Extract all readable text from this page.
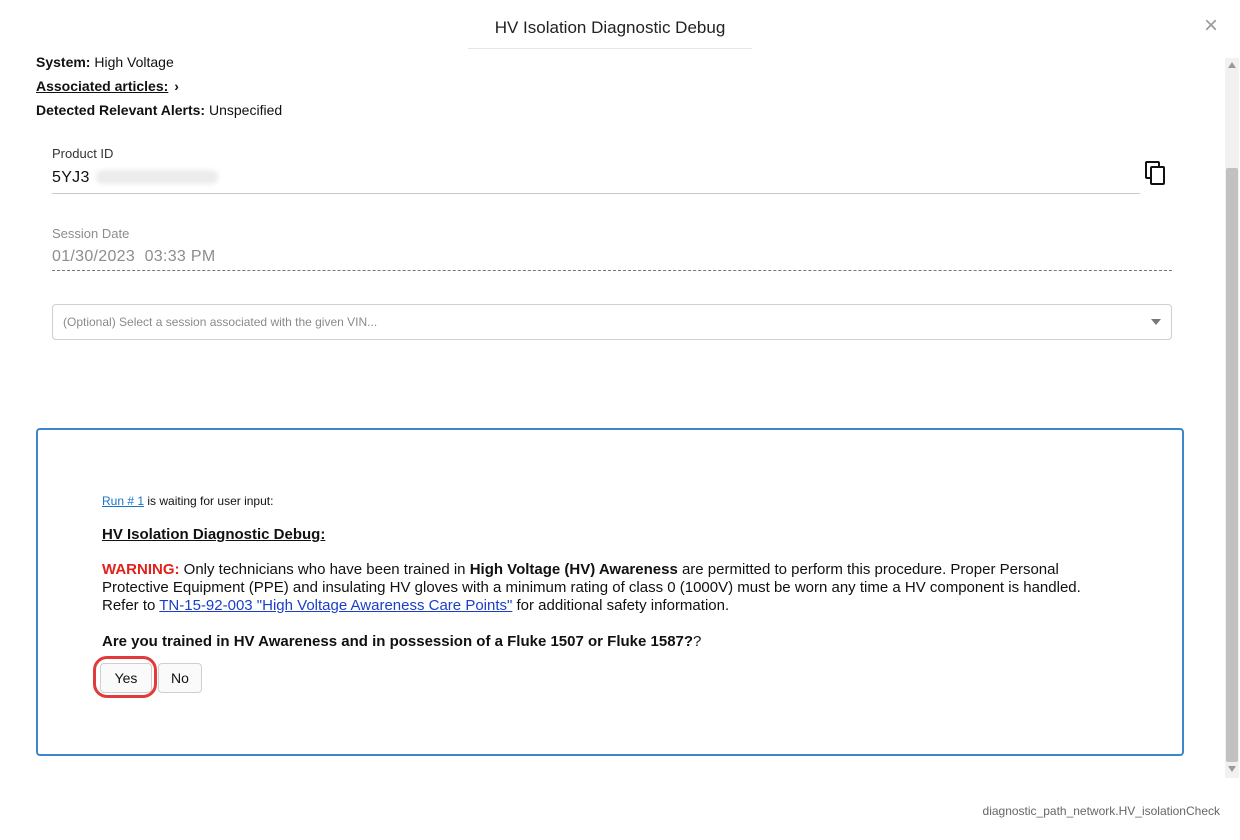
HV Isolation Diagnostic Debug	×
System: High Voltage
Associated articles: ›
Detected Relevant Alerts: Unspecified
Product ID
5YJ3
Session Date
01/30/2023  03:33 PM
(Optional) Select a session associated with the given VIN...
Run # 1 is waiting for user input:
HV Isolation Diagnostic Debug:
WARNING: Only technicians who have been trained in High Voltage (HV) Awareness are permitted to perform this procedure. Proper Personal Protective Equipment (PPE) and insulating HV gloves with a minimum rating of class 0 (1000V) must be worn any time a HV component is handled. Refer to TN-15-92-003 "High Voltage Awareness Care Points" for additional safety information.
Are you trained in HV Awareness and in possession of a Fluke 1507 or Fluke 1587??
Yes	No
diagnostic_path_network.HV_isolationCheck
